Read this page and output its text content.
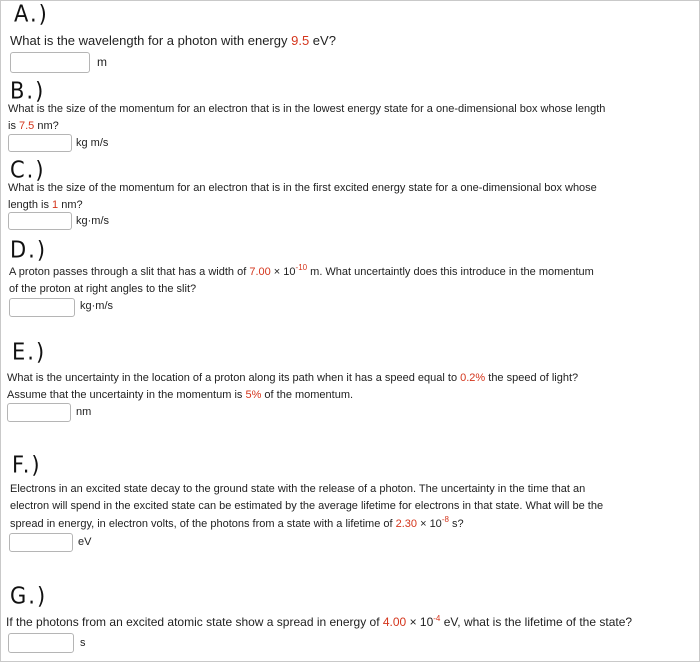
A.)
What is the wavelength for a photon with energy 9.5 eV?
m
B.)
What is the size of the momentum for an electron that is in the lowest energy state for a one-dimensional box whose length
is 7.5 nm?
kg m/s
C.)
What is the size of the momentum for an electron that is in the first excited energy state for a one-dimensional box whose
length is 1 nm?
kg·m/s
D.)
A proton passes through a slit that has a width of $7.00 \times 10^{-10}$ m. What uncertaintly does this introduce in the momentum
of the proton at right angles to the slit?
kg·m/s
E.)
What is the uncertainty in the location of a proton along its path when it has a speed equal to 0.2% the speed of light?
Assume that the uncertainty in the momentum is 5% of the momentum.
nm
F.)
Electrons in an excited state decay to the ground state with the release of a photon. The uncertainty in the time that an
electron will spend in the excited state can be estimated by the average lifetime for electrons in that state. What will be the
spread in energy, in electron volts, of the photons from a state with a lifetime of $2.30 \times 10^{-8}$ s?
eV
G.)
If the photons from an excited atomic state show a spread in energy of $4.00 \times 10^{-4}$ eV, what is the lifetime of the state?
s
